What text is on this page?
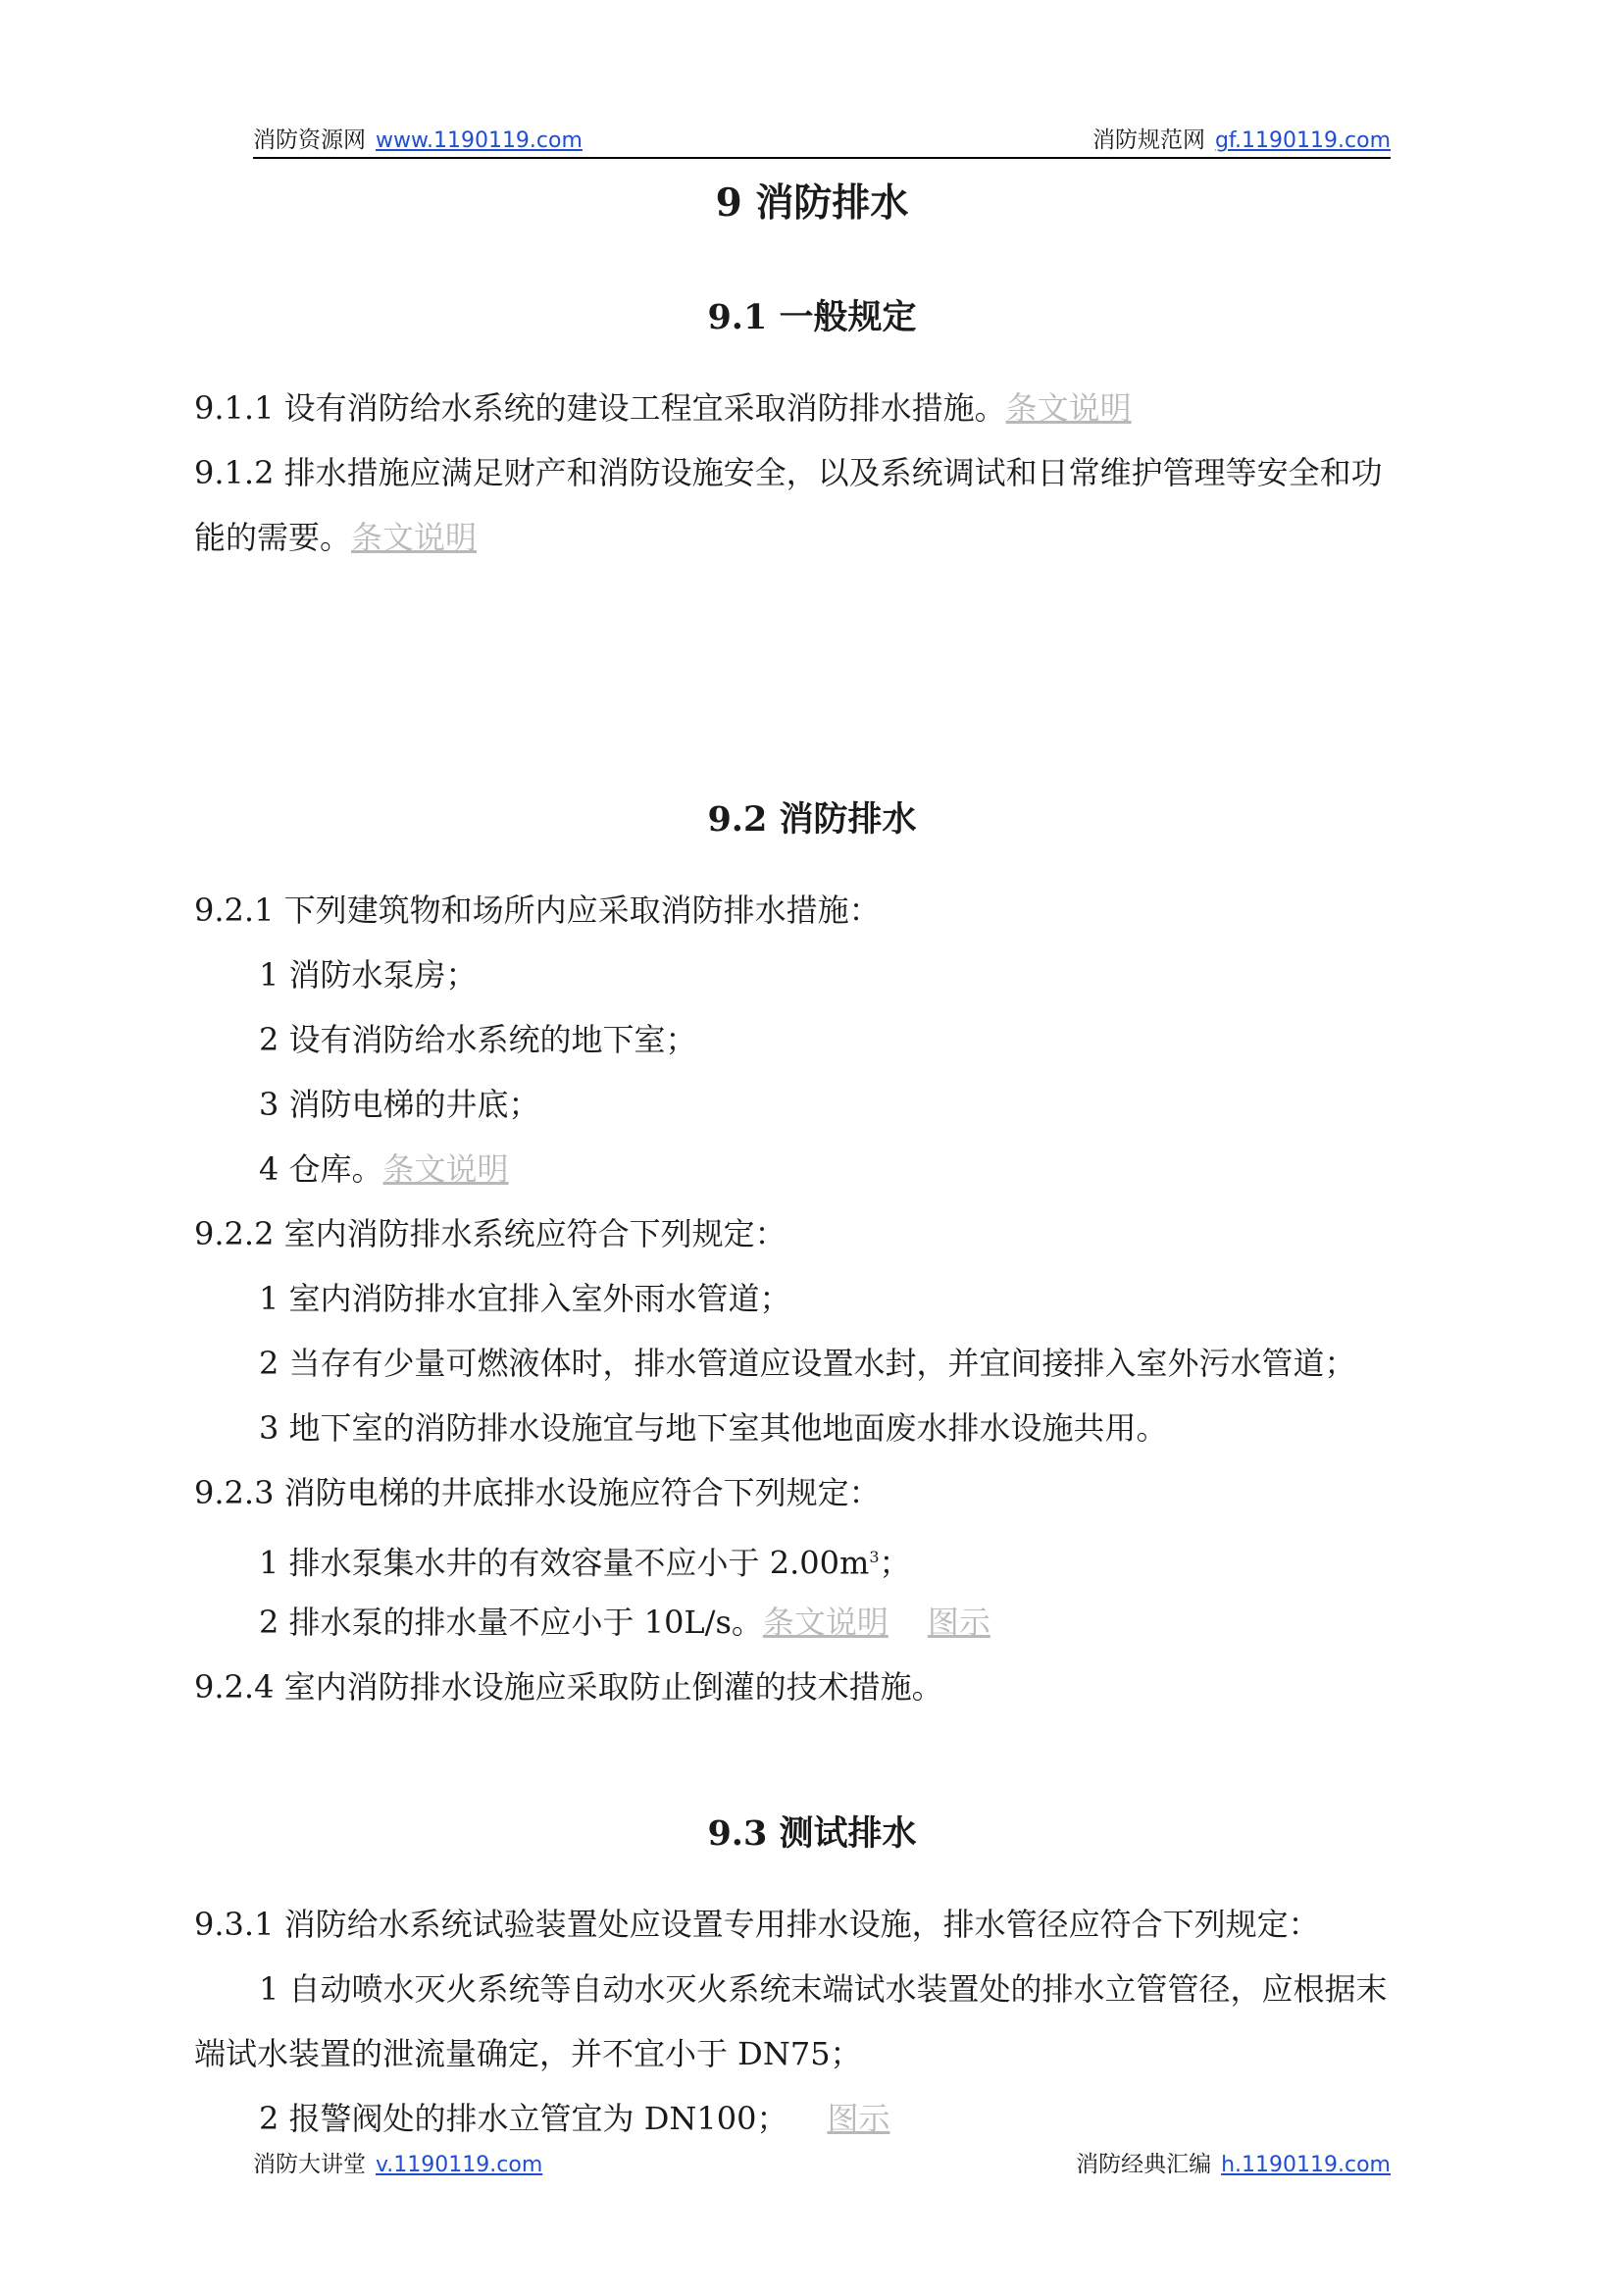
消防资源网 www.1190119.com	消防规范网 gf.1190119.com
9 消防排水
9.1 一般规定
9.1.1 设有消防给水系统的建设工程宜采取消防排水措施。条文说明
9.1.2 排水措施应满足财产和消防设施安全，以及系统调试和日常维护管理等安全和功
能的需要。条文说明
9.2 消防排水
9.2.1 下列建筑物和场所内应采取消防排水措施：
1 消防水泵房；
2 设有消防给水系统的地下室；
3 消防电梯的井底；
4 仓库。条文说明
9.2.2 室内消防排水系统应符合下列规定：
1 室内消防排水宜排入室外雨水管道；
2 当存有少量可燃液体时，排水管道应设置水封，并宜间接排入室外污水管道；
3 地下室的消防排水设施宜与地下室其他地面废水排水设施共用。
9.2.3 消防电梯的井底排水设施应符合下列规定：
1 排水泵集水井的有效容量不应小于 $2.00m^3$；
2 排水泵的排水量不应小于 10L/s。条文说明 图示
9.2.4 室内消防排水设施应采取防止倒灌的技术措施。
9.3 测试排水
9.3.1 消防给水系统试验装置处应设置专用排水设施，排水管径应符合下列规定：
1 自动喷水灭火系统等自动水灭火系统末端试水装置处的排水立管管径，应根据末
端试水装置的泄流量确定，并不宜小于 DN75；
2 报警阀处的排水立管宜为 DN100； 图示
消防大讲堂 v.1190119.com	消防经典汇编 h.1190119.com
